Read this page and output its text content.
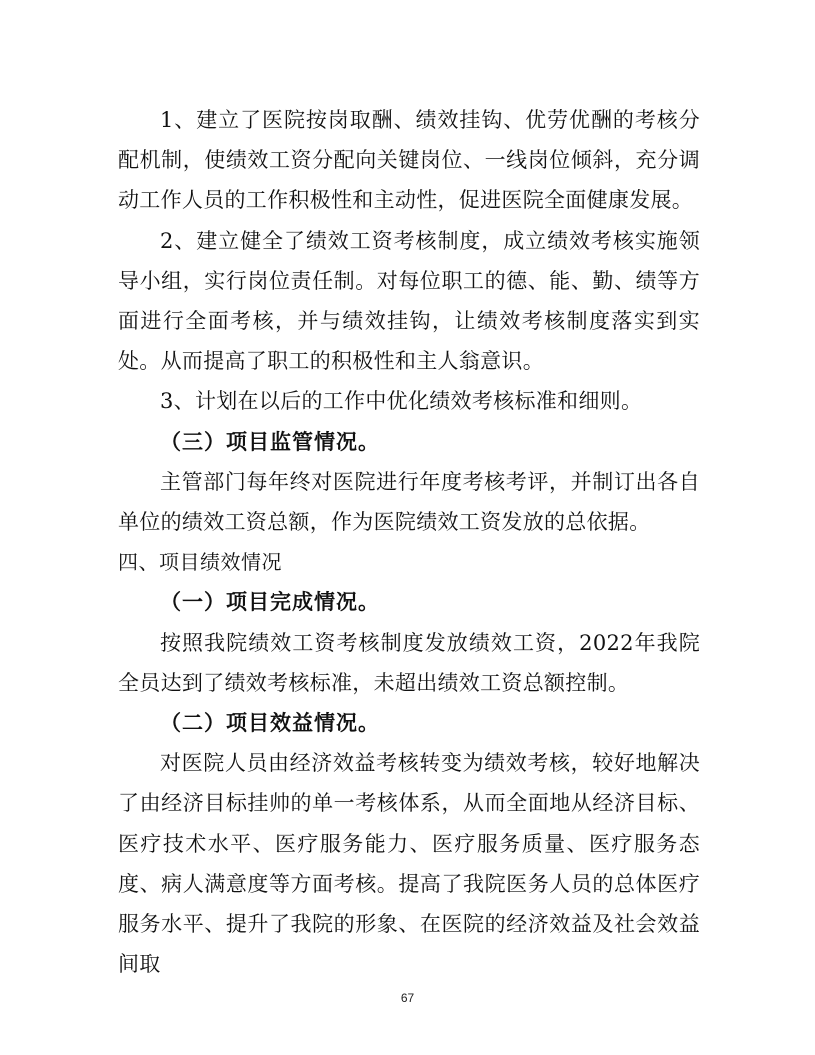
1、建立了医院按岗取酬、绩效挂钩、优劳优酬的考核分配机制，使绩效工资分配向关键岗位、一线岗位倾斜，充分调动工作人员的工作积极性和主动性，促进医院全面健康发展。

2、建立健全了绩效工资考核制度，成立绩效考核实施领导小组，实行岗位责任制。对每位职工的德、能、勤、绩等方面进行全面考核，并与绩效挂钩，让绩效考核制度落实到实处。从而提高了职工的积极性和主人翁意识。

3、计划在以后的工作中优化绩效考核标准和细则。

（三）项目监管情况。

主管部门每年终对医院进行年度考核考评，并制订出各自单位的绩效工资总额，作为医院绩效工资发放的总依据。

四、项目绩效情况

（一）项目完成情况。

按照我院绩效工资考核制度发放绩效工资，2022年我院全员达到了绩效考核标准，未超出绩效工资总额控制。

（二）项目效益情况。

对医院人员由经济效益考核转变为绩效考核，较好地解决了由经济目标挂帅的单一考核体系，从而全面地从经济目标、医疗技术水平、医疗服务能力、医疗服务质量、医疗服务态度、病人满意度等方面考核。提高了我院医务人员的总体医疗服务水平、提升了我院的形象、在医院的经济效益及社会效益间取

67
